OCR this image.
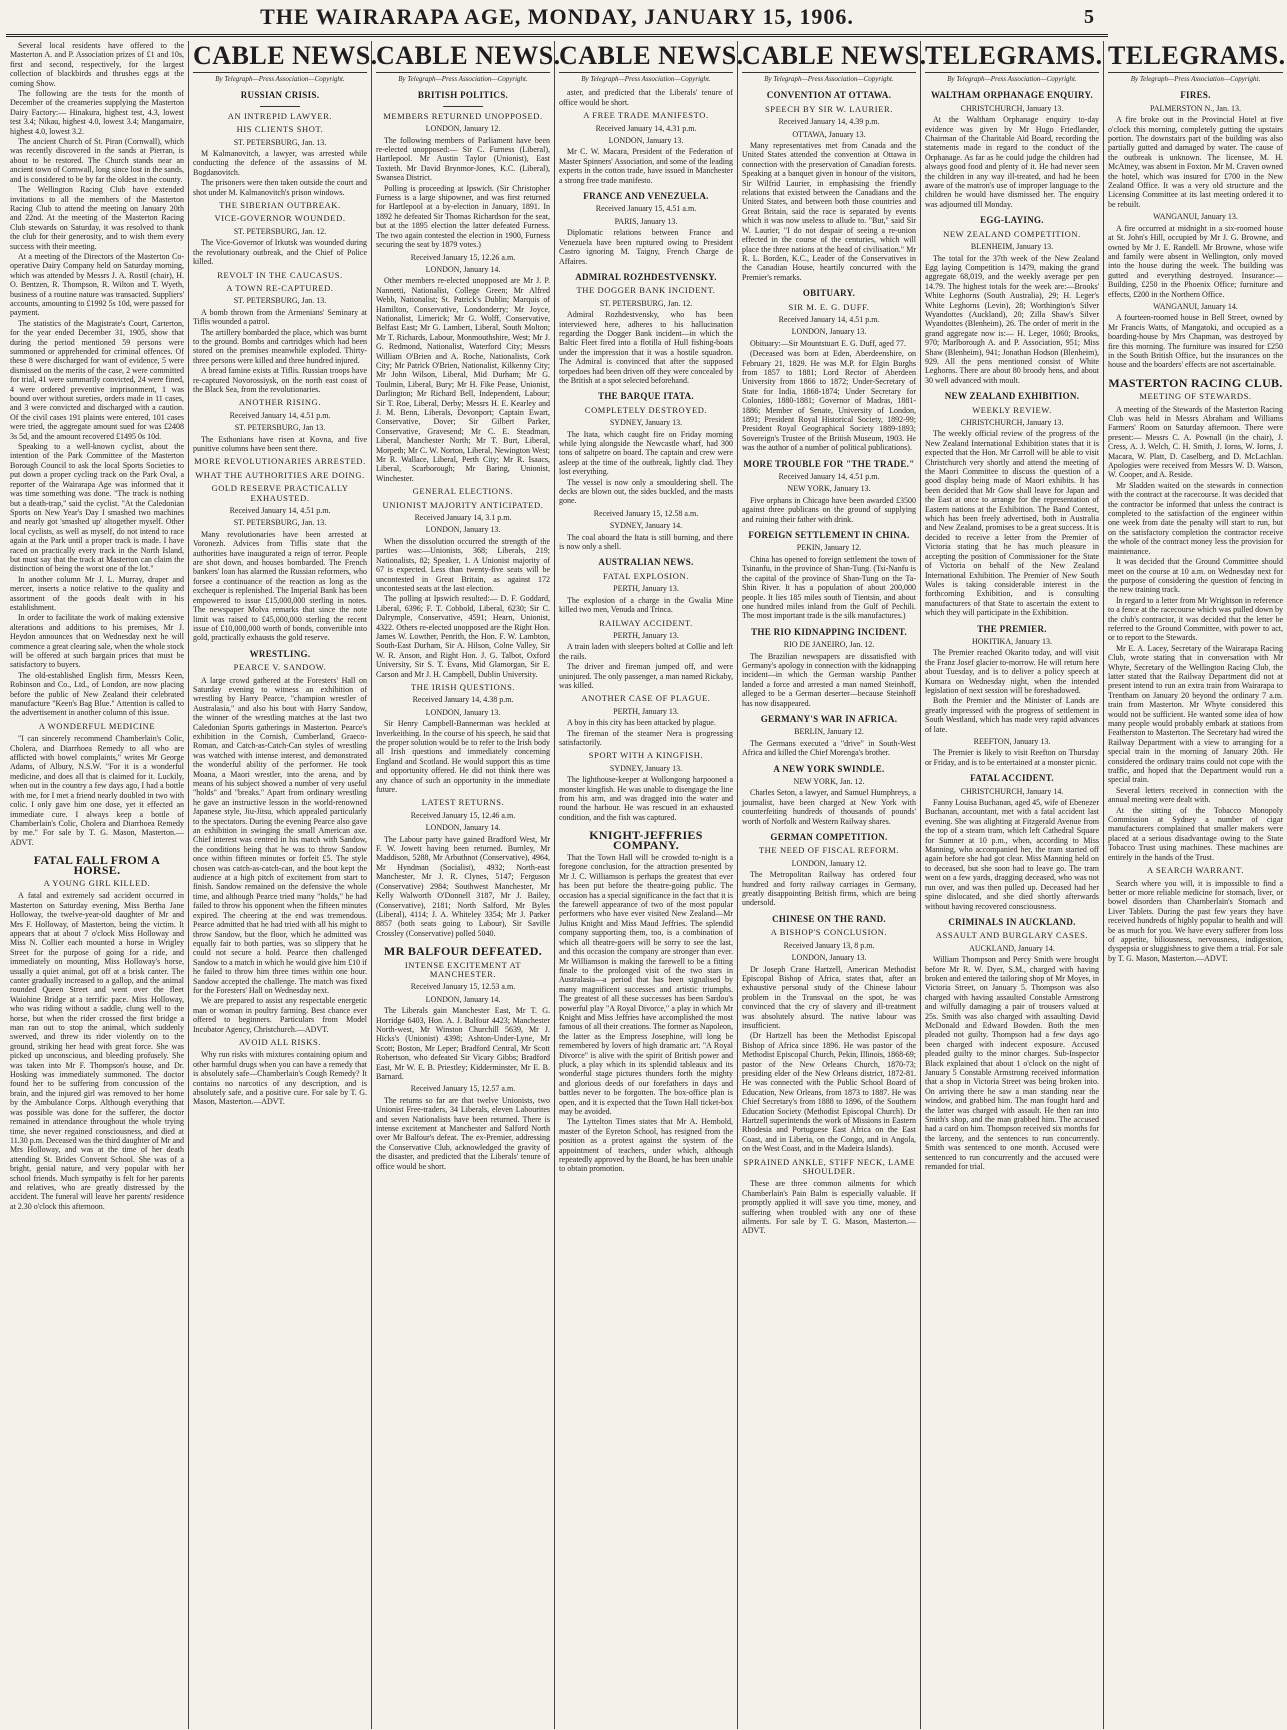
THE WAIRARAPA AGE, MONDAY, JANUARY 15, 1906.	5

Several local residents have offered to the Masterton A. and P. Association prizes of £1 and 10s, first and second, respectively, for the largest collection of blackbirds and thrushes eggs at the coming Show.

The following are the tests for the month of December of the creameries supplying the Masterton Dairy Factory:— Hinakura, highest test, 4.3, lowest test 3.4; Nikau, highest 4.0, lowest 3.4; Mangamaire, highest 4.0, lowest 3.2.

The ancient Church of St. Piran (Cornwall), which was recently discovered in the sands at Pierran, is about to be restored. The Church stands near an ancient town of Cornwall, long since lost in the sands, and is considered to be by far the oldest in the county.

The Wellington Racing Club have extended invitations to all the members of the Masterton Racing Club to attend the meeting on January 20th and 22nd. At the meeting of the Masterton Racing Club stewards on Saturday, it was resolved to thank the club for their generosity, and to wish them every success with their meeting.

At a meeting of the Directors of the Masterton Co-operative Dairy Company held on Saturday morning, which was attended by Messrs J. A. Rostil (chair), H. O. Bentzen, R. Thompson, R. Wilton and T. Wyeth, business of a routine nature was transacted. Suppliers' accounts, amounting to £1992 5s 10d, were passed for payment.

The statistics of the Magistrate's Court, Carterton, for the year ended December 31, 1905, show that during the period mentioned 59 persons were summoned or apprehended for criminal offences. Of these 8 were discharged for want of evidence, 5 were dismissed on the merits of the case, 2 were committed for trial, 41 were summarily convicted, 24 were fined, 4 were ordered preventive imprisonment, 1 was bound over without sureties, orders made in 11 cases, and 3 were convicted and discharged with a caution. Of the civil cases 191 plaints were entered, 101 cases were tried, the aggregate amount sued for was £2408 3s 5d, and the amount recovered £1495 0s 10d.

Speaking to a well-known cyclist, about the intention of the Park Committee of the Masterton Borough Council to ask the local Sports Societies to put down a proper cycling track on the Park Oval, a reporter of the Wairarapa Age was informed that it was time something was done. "The track is nothing but a death-trap," said the cyclist. "At the Caledonian Sports on New Year's Day I smashed two machines and nearly got 'smashed up' altogether myself. Other local cyclists, as well as myself, do not intend to race again at the Park until a proper track is made. I have raced on practically every track in the North Island, but must say that the track at Masterton can claim the distinction of being the worst one of the lot."

In another column Mr J. L. Murray, draper and mercer, inserts a notice relative to the quality and assortment of the goods dealt with in his establishment.

In order to facilitate the work of making extensive alterations and additions to his premises, Mr J. Heydon announces that on Wednesday next he will commence a great clearing sale, when the whole stock will be offered at such bargain prices that must be satisfactory to buyers.

The old-established English firm, Messrs Keen, Robinson and Co., Ltd., of London, are now placing before the public of New Zealand their celebrated manufacture "Keen's Bag Blue." Attention is called to the advertisement in another column of this issue.

A WONDERFUL MEDICINE

"I can sincerely recommend Chamberlain's Colic, Cholera, and Diarrhoea Remedy to all who are afflicted with bowel complaints," writes Mr George Adams, of Albury, N.S.W. "For it is a wonderful medicine, and does all that is claimed for it. Luckily, when out in the country a few days ago, I had a bottle with me, for I met a friend nearly doubled in two with colic. I only gave him one dose, yet it effected an immediate cure. I always keep a bottle of Chamberlain's Colic, Cholera and Diarrhoea Remedy by me." For sale by T. G. Mason, Masterton.—ADVT.

FATAL FALL FROM A HORSE.
A YOUNG GIRL KILLED.

A fatal and extremely sad accident occurred in Masterton on Saturday evening, Miss Bertha Jane Holloway, the twelve-year-old daughter of Mr and Mrs F. Holloway, of Masterton, being the victim. It appears that at about 7 o'clock Miss Holloway and Miss N. Collier each mounted a horse in Wrigley Street for the purpose of going for a ride, and immediately on mounting, Miss Holloway's horse, usually a quiet animal, got off at a brisk canter. The canter gradually increased to a gallop, and the animal rounded Queen Street and went over the fleet Waiohine Bridge at a terrific pace. Miss Holloway, who was riding without a saddle, clung well to the horse, but when the rider crossed the first bridge a man ran out to stop the animal, which suddenly swerved, and threw its rider violently on to the ground, striking her head with great force. She was picked up unconscious, and bleeding profusely. She was taken into Mr F. Thompson's house, and Dr. Hosking was immediately summoned. The doctor found her to be suffering from concussion of the brain, and the injured girl was removed to her home by the Ambulance Corps. Although everything that was possible was done for the sufferer, the doctor remained in attendance throughout the whole trying time, she never regained consciousness, and died at 11.30 p.m. Deceased was the third daughter of Mr and Mrs Holloway, and was at the time of her death attending St. Brides Convent School. She was of a bright, genial nature, and very popular with her school friends. Much sympathy is felt for her parents and relatives, who are greatly distressed by the accident. The funeral will leave her parents' residence at 2.30 o'clock this afternoon.

CABLE NEWS.
By Telegraph—Press Association—Copyright.
RUSSIAN CRISIS.
AN INTREPID LAWYER.
HIS CLIENTS SHOT.
ST. PETERSBURG, Jan. 13.

M Kalmanovitch, a lawyer, was arrested while conducting the defence of the assassins of M. Bogdanovitch.

The prisoners were then taken outside the court and shot under M. Kalmanovitch's prison windows.

THE SIBERIAN OUTBREAK.
VICE-GOVERNOR WOUNDED.
ST. PETERSBURG, Jan. 12.

The Vice-Governor of Irkutsk was wounded during the revolutionary outbreak, and the Chief of Police killed.

REVOLT IN THE CAUCASUS.
A TOWN RE-CAPTURED.
ST. PETERSBURG, Jan. 13.

A bomb thrown from the Armenians' Seminary at Tiflis wounded a patrol.

The artillery bombarded the place, which was burnt to the ground. Bombs and cartridges which had been stored on the premises meanwhile exploded. Thirty-three persons were killed and three hundred injured.

A bread famine exists at Tiflis. Russian troops have re-captured Novorossiysk, on the north east coast of the Black Sea, from the revolutionaries.

ANOTHER RISING.
Received January 14, 4.51 p.m.
ST. PETERSBURG, Jan 13.

The Esthonians have risen at Kovna, and five punitive columns have been sent there.

MORE REVOLUTIONARIES ARRESTED.
WHAT THE AUTHORITIES ARE DOING.
GOLD RESERVE PRACTICALLY EXHAUSTED.
Received January 14, 4.51 p.m.
ST. PETERSBURG, Jan. 13.

Many revolutionaries have been arrested at Voronezh. Advices from Tiflis state that the authorities have inaugurated a reign of terror. People are shot down, and houses bombarded. The French bankers' loan has alarmed the Russian reformers, who forsee a continuance of the reaction as long as the exchequer is replenished. The Imperial Bank has been empowered to issue £15,000,000 sterling in notes. The newspaper Molva remarks that since the note limit was raised to £45,000,000 sterling the recent issue of £10,000,000 worth of bonds, convertible into gold, practically exhausts the gold reserve.

WRESTLING.
PEARCE V. SANDOW.

A large crowd gathered at the Foresters' Hall on Saturday evening to witness an exhibition of wrestling by Harry Pearce, "champion wrestler of Australasia," and also his bout with Harry Sandow, the winner of the wrestling matches at the last two Caledonian Sports gatherings in Masterton. Pearce's exhibition in the Cornish, Cumberland, Graeco-Roman, and Catch-as-Catch-Can styles of wrestling was watched with intense interest, and demonstrated the wonderful ability of the performer. He took Moana, a Maori wrestler, into the arena, and by means of his subject showed a number of very useful "holds" and "breaks." Apart from ordinary wrestling he gave an instructive lesson in the world-renowned Japanese style, Jiu-Jitsu, which appealed particularly to the spectators. During the evening Pearce also gave an exhibition in swinging the small American axe. Chief interest was centred in his match with Sandow, the conditions being that he was to throw Sandow once within fifteen minutes or forfeit £5. The style chosen was catch-as-catch-can, and the bout kept the audience at a high pitch of excitement from start to finish. Sandow remained on the defensive the whole time, and although Pearce tried many "holds," he had failed to throw his opponent when the fifteen minutes expired. The cheering at the end was tremendous. Pearce admitted that he had tried with all his might to throw Sandow, but the floor, which he admitted was equally fair to both parties, was so slippery that he could not secure a hold. Pearce then challenged Sandow to a match in which he would give him £10 if he failed to throw him three times within one hour. Sandow accepted the challenge. The match was fixed for the Foresters' Hall on Wednesday next.

We are prepared to assist any respectable energetic man or woman in poultry farming. Best chance ever offered to beginners. Particulars from Model Incubator Agency, Christchurch.—ADVT.

AVOID ALL RISKS.

Why run risks with mixtures containing opium and other harmful drugs when you can have a remedy that is absolutely safe—Chamberlain's Cough Remedy? It contains no narcotics of any description, and is absolutely safe, and a positive cure. For sale by T. G. Mason, Masterton.—ADVT.

CABLE NEWS.
By Telegraph—Press Association—Copyright.
BRITISH POLITICS.
MEMBERS RETURNED UNOPPOSED.
LONDON, January 12.

The following members of Parliament have been re-elected unopposed:— Sir C. Furness (Liberal), Hartlepool. Mr Austin Taylor (Unionist), East Toxteth. Mr David Brynmor-Jones, K.C. (Liberal), Swansea District.

Polling is proceeding at Ipswich. (Sir Christopher Furness is a large shipowner, and was first returned for Hartlepool at a by-election in January, 1891. In 1892 he defeated Sir Thomas Richardson for the seat, but at the 1895 election the latter defeated Furness. The two again contested the election in 1900, Furness securing the seat by 1879 votes.)

Received January 15, 12.26 a.m.
LONDON, January 14.

Other members re-elected unopposed are Mr J. P. Nannetti, Nationalist, College Green; Mr Alfred Webb, Nationalist; St. Patrick's Dublin; Marquis of Hamilton, Conservative, Londonderry; Mr Joyce, Nationalist, Limerick; Mr G. Wolff, Conservative, Belfast East; Mr G. Lambert, Liberal, South Molton; Mr T. Richards, Labour, Monmouthshire, West; Mr J. G. Redmond, Nationalist, Waterford City; Messrs William O'Brien and A. Roche, Nationalists, Cork City; Mr Patrick O'Brien, Nationalist, Kilkenny City; Mr John Wilson, Liberal, Mid Durham; Mr G. Toulmin, Liberal, Bury; Mr H. Fike Pease, Unionist, Darlington; Mr Richard Bell, Independent, Labour; Sir T. Roe, Liberal, Derby; Messrs H. E. Kearley and J. M. Benn, Liberals, Devonport; Captain Ewart, Conservative, Dover; Sir Gilbert Parker, Conservative, Gravesend; Mr C. E. Steadman, Liberal, Manchester North; Mr T. Burt, Liberal, Morpeth; Mr C. W. Norton, Liberal, Newington West; Mr R. Wallace, Liberal, Perth City; Mr R. Isaacs, Liberal, Scarborough; Mr Baring, Unionist, Winchester.

GENERAL ELECTIONS.
UNIONIST MAJORITY ANTICIPATED.
Received January 14, 3.1 p.m.
LONDON, January 13.

When the dissolution occurred the strength of the parties was:—Unionists, 368; Liberals, 219; Nationalists, 82; Speaker, 1. A Unionist majority of 67 is expected. Less than twenty-five seats will be uncontested in Great Britain, as against 172 uncontested seats at the last election.

The polling at Ipswich resulted:— D. F. Goddard, Liberal, 6396; F. T. Cobbold, Liberal, 6230; Sir C. Dalrymple, Conservative, 4591; Hearn, Unionist, 4322. Others re-elected unopposed are the Right Hon. James W. Lowther, Penrith, the Hon. F. W. Lambton, South-East Durham, Sir A. Hilson, Colne Valley, Sir W. R. Anson, and Right Hon. J. G. Talbot, Oxford University, Sir S. T. Evans, Mid Glamorgan, Sir E. Carson and Mr J. H. Campbell, Dublin University.

THE IRISH QUESTIONS.
Received January 14, 4.38 p.m.
LONDON, January 13.

Sir Henry Campbell-Bannerman was heckled at Inverkeithing. In the course of his speech, he said that the proper solution would be to refer to the Irish body all Irish questions and immediately concerning England and Scotland. He would support this as time and opportunity offered. He did not think there was any chance of such an opportunity in the immediate future.

LATEST RETURNS.
Received January 15, 12.46 a.m.
LONDON, January 14.

The Labour party have gained Bradford West, Mr F. W. Jowett having been returned. Burnley, Mr Maddison, 5288, Mr Arbuthnot (Conservative), 4964, Mr Hyndman (Socialist), 4932; North-east Manchester, Mr J. R. Clynes, 5147; Ferguson (Conservative) 2984; Southwest Manchester, Mr Kelly Walworth O'Donnell 3187, Mr J. Bailey, (Conservative), 2181; North Salford, Mr Byles (Liberal), 4114; J. A. Whiteley 3354; Mr J. Parker 8857 (both seats going to Labour), Sir Saville Crossley (Conservative) polled 5040.

MR BALFOUR DEFEATED.
INTENSE EXCITEMENT AT MANCHESTER.
Received January 15, 12.53 a.m.
LONDON, January 14.

The Liberals gain Manchester East, Mr T. G. Horridge 6403, Hon. A. J. Balfour 4423; Manchester North-west, Mr Winston Churchill 5639, Mr J. Hicks's (Unionist) 4398; Ashton-Under-Lyne, Mr Scott; Boston, Mr Leper; Bradford Central, Mr Scott Robertson, who defeated Sir Vicary Gibbs; Bradford East, Mr W. E. B. Priestley; Kidderminster, Mr E. B. Barnard.

Received January 15, 12.57 a.m.

The returns so far are that twelve Unionists, two Unionist Free-traders, 34 Liberals, eleven Labourites and seven Nationalists have been returned. There is intense excitement at Manchester and Salford North over Mr Balfour's defeat. The ex-Premier, addressing the Conservative Club, acknowledged the gravity of the disaster, and predicted that the Liberals' tenure of office would be short.

CABLE NEWS.
By Telegraph—Press Association—Copyright.

aster, and predicted that the Liberals' tenure of office would be short.

A FREE TRADE MANIFESTO.
Received January 14, 4.31 p.m.
LONDON, January 13.

Mr C. W. Macara, President of the Federation of Master Spinners' Association, and some of the leading experts in the cotton trade, have issued in Manchester a strong free trade manifesto.

FRANCE AND VENEZUELA.
Received January 15, 4.51 a.m.
PARIS, January 13.

Diplomatic relations between France and Venezuela have been ruptured owing to President Castro ignoring M. Taigny, French Charge de Affaires.

ADMIRAL ROZHDESTVENSKY.
THE DOGGER BANK INCIDENT.
ST. PETERSBURG, Jan. 12.

Admiral Rozhdestvensky, who has been interviewed here, adheres to his hallucination regarding the Dogger Bank incident—in which the Baltic Fleet fired into a flotilla of Hull fishing-boats under the impression that it was a hostile squadron. The Admiral is convinced that after the supposed torpedoes had been driven off they were concealed by the British at a spot selected beforehand.

THE BARQUE ITATA.
COMPLETELY DESTROYED.
SYDNEY, January 13.

The Itata, which caught fire on Friday morning while lying alongside the Newcastle wharf, had 300 tons of saltpetre on board. The captain and crew were asleep at the time of the outbreak, lightly clad. They lost everything.

The vessel is now only a smouldering shell. The decks are blown out, the sides buckled, and the masts gone.

Received January 15, 12.58 a.m.
SYDNEY, January 14.

The coal aboard the Itata is still burning, and there is now only a shell.

AUSTRALIAN NEWS.
FATAL EXPLOSION.
PERTH, January 13.

The explosion of a charge in the Gwalia Mine killed two men, Venuda and Trinca.

RAILWAY ACCIDENT.
PERTH, January 13.

A train laden with sleepers bolted at Collie and left the rails.

The driver and fireman jumped off, and were uninjured. The only passenger, a man named Rickaby, was killed.

ANOTHER CASE OF PLAGUE.
PERTH, January 13.

A boy in this city has been attacked by plague.

The fireman of the steamer Nera is progressing satisfactorily.

SPORT WITH A KINGFISH.
SYDNEY, January 13.

The lighthouse-keeper at Wollongong harpooned a monster kingfish. He was unable to disengage the line from his arm, and was dragged into the water and round the harbour. He was rescued in an exhausted condition, and the fish was captured.

KNIGHT-JEFFRIES COMPANY.

That the Town Hall will be crowded to-night is a foregone conclusion, for the attraction presented by Mr J. C. Williamson is perhaps the greatest that ever has been put before the theatre-going public. The occasion has a special significance in the fact that it is the farewell appearance of two of the most popular performers who have ever visited New Zealand—Mr Julius Knight and Miss Maud Jeffries. The splendid company supporting them, too, is a combination of which all theatre-goers will be sorry to see the last, and this occasion the company are stronger than ever. Mr Williamson is making the farewell to be a fitting finale to the prolonged visit of the two stars in Australasia—a period that has been signalised by many magnificent successes and artistic triumphs. The greatest of all these successes has been Sardou's powerful play "A Royal Divorce," a play in which Mr Knight and Miss Jeffries have accomplished the most famous of all their creations. The former as Napoleon, the latter as the Empress Josephine, will long be remembered by lovers of high dramatic art. "A Royal Divorce" is alive with the spirit of British power and pluck, a play which in its splendid tableaux and its wonderful stage pictures thunders forth the mighty and glorious deeds of our forefathers in days and battles never to be forgotten. The box-office plan is open, and it is expected that the Town Hall ticket-box may be avoided.

The Lyttelton Times states that Mr A. Hembold, master of the Eyreton School, has resigned from the position as a protest against the system of the appointment of teachers, under which, although repeatedly approved by the Board, he has been unable to obtain promotion.

CABLE NEWS.
By Telegraph—Press Association—Copyright.
CONVENTION AT OTTAWA.
SPEECH BY SIR W. LAURIER.
Received January 14, 4.39 p.m.
OTTAWA, January 13.

Many representatives met from Canada and the United States attended the convention at Ottawa in connection with the preservation of Canadian forests. Speaking at a banquet given in honour of the visitors, Sir Wilfrid Laurier, in emphasising the friendly relations that existed between the Canadians and the United States, and between both those countries and Great Britain, said the race is separated by events which it was now useless to allude to. "But," said Sir W. Laurier, "I do not despair of seeing a re-union effected in the course of the centuries, which will place the three nations at the head of civilisation." Mr R. L. Borden, K.C., Leader of the Conservatives in the Canadian House, heartily concurred with the Premier's remarks.

OBITUARY.
SIR M. E. G. DUFF.
Received January 14, 4.51 p.m.
LONDON, January 13.

Obituary:—Sir Mountstuart E. G. Duff, aged 77.

(Deceased was born at Eden, Aberdeenshire, on February 21, 1829. He was M.P. for Elgin Burghs from 1857 to 1881; Lord Rector of Aberdeen University from 1866 to 1872; Under-Secretary of State for India, 1868-1874; Under Secretary for Colonies, 1880-1881; Governor of Madras, 1881-1886; Member of Senate, University of London, 1891; President Royal Historical Society, 1892-99; President Royal Geographical Society 1889-1893; Sovereign's Trustee of the British Museum, 1903. He was the author of a number of political publications).

MORE TROUBLE FOR "THE TRADE."
Received January 14, 4.51 p.m.
NEW YORK, January 13.

Five orphans in Chicago have been awarded £3500 against three publicans on the ground of supplying and ruining their father with drink.

FOREIGN SETTLEMENT IN CHINA.
PEKIN, January 12.

China has opened to foreign settlement the town of Tsinanfu, in the province of Shan-Tung. (Tsi-Nanfu is the capital of the province of Shan-Tung on the Ta-Shin River. It has a population of about 200,000 people. It lies 185 miles south of Tientsin, and about one hundred miles inland from the Gulf of Pechili. The most important trade is the silk manufactures.)

THE RIO KIDNAPPING INCIDENT.
RIO DE JANEIRO, Jan. 12.

The Brazilian newspapers are dissatisfied with Germany's apology in connection with the kidnapping incident—in which the German warship Panther landed a force and arrested a man named Steinhoff, alleged to be a German deserter—because Steinhoff has now disappeared.

GERMANY'S WAR IN AFRICA.
BERLIN, January 12.

The Germans executed a "drive" in South-West Africa and killed the Chief Morenga's brother.

A NEW YORK SWINDLE.
NEW YORK, Jan. 12.

Charles Seton, a lawyer, and Samuel Humphreys, a journalist, have been charged at New York with counterfeiting hundreds of thousands of pounds' worth of Norfolk and Western Railway shares.

GERMAN COMPETITION.
THE NEED OF FISCAL REFORM.
LONDON, January 12.

The Metropolitan Railway has ordered four hundred and forty railway carriages in Germany, greatly disappointing British firms, which are being undersold.

CHINESE ON THE RAND.
A BISHOP'S CONCLUSION.
Received January 13, 8 p.m.
LONDON, January 13.

Dr Joseph Crane Hartzell, American Methodist Episcopal Bishop of Africa, states that, after an exhaustive personal study of the Chinese labour problem in the Transvaal on the spot, he was convinced that the cry of slavery and ill-treatment was absolutely absurd. The native labour was insufficient.

(Dr Hartzell has been the Methodist Episcopal Bishop of Africa since 1896. He was pastor of the Methodist Episcopal Church, Pekin, Illinois, 1868-69; pastor of the New Orleans Church, 1870-73; presiding elder of the New Orleans district, 1872-81. He was connected with the Public School Board of Education, New Orleans, from 1873 to 1887. He was Chief Secretary's from 1888 to 1896, of the Southern Education Society (Methodist Episcopal Church). Dr Hartzell superintends the work of Missions in Eastern Rhodesia and Portuguese East Africa on the East Coast, and in Liberia, on the Congo, and in Angola, on the West Coast, and in the Madeira Islands).

SPRAINED ANKLE, STIFF NECK, LAME SHOULDER.

These are three common ailments for which Chamberlain's Pain Balm is especially valuable. If promptly applied it will save you time, money, and suffering when troubled with any one of these ailments. For sale by T. G. Mason, Masterton.—ADVT.

TELEGRAMS.
By Telegraph—Press Association—Copyright.
WALTHAM ORPHANAGE ENQUIRY.
CHRISTCHURCH, January 13.

At the Waltham Orphanage enquiry to-day evidence was given by Mr Hugo Friedlander, Chairman of the Charitable Aid Board, recording the statements made in regard to the conduct of the Orphanage. As far as he could judge the children had always good food and plenty of it. He had never seen the children in any way ill-treated, and had he been aware of the matron's use of improper language to the children he would have dismissed her. The enquiry was adjourned till Monday.

EGG-LAYING.
NEW ZEALAND COMPETITION.
BLENHEIM, January 13.

The total for the 37th week of the New Zealand Egg laying Competition is 1479, making the grand aggregate 68,019, and the weekly average per pen 14.79. The highest totals for the week are:—Brooks' White Leghorns (South Australia), 29; H. Leger's White Leghorns (Levin), 28; Worthington's Silver Wyandottes (Auckland), 20; Zilla Shaw's Silver Wyandottes (Blenheim), 26. The order of merit in the grand aggregate now is:— H. Leger, 1060; Brooks, 970; Marlborough A. and P. Association, 951; Miss Shaw (Blenheim), 941; Jonathan Hodson (Blenheim), 929. All the pens mentioned consist of White Leghorns. There are about 80 broody hens, and about 30 well advanced with moult.

NEW ZEALAND EXHIBITION.
WEEKLY REVIEW.
CHRISTCHURCH, January 13.

The weekly official review of the progress of the New Zealand International Exhibition states that it is expected that the Hon. Mr Carroll will be able to visit Christchurch very shortly and attend the meeting of the Maori Committee to discuss the question of a good display being made of Maori exhibits. It has been decided that Mr Gow shall leave for Japan and the East at once to arrange for the representation of Eastern nations at the Exhibition. The Band Contest, which has been freely advertised, both in Australia and New Zealand, promises to be a great success. It is decided to receive a letter from the Premier of Victoria stating that he has much pleasure in accepting the position of Commissioner for the State of Victoria on behalf of the New Zealand International Exhibition. The Premier of New South Wales is taking considerable interest in the forthcoming Exhibition, and is consulting manufacturers of that State to ascertain the extent to which they will participate in the Exhibition.

THE PREMIER.
HOKITIKA, January 13.

The Premier reached Okarito today, and will visit the Franz Josef glacier to-morrow. He will return here about Tuesday, and is to deliver a policy speech at Kumara on Wednesday night, when the intended legislation of next session will be foreshadowed.

Both the Premier and the Minister of Lands are greatly impressed with the progress of settlement in South Westland, which has made very rapid advances of late.

REEFTON, January 13.

The Premier is likely to visit Reefton on Thursday or Friday, and is to be entertained at a monster picnic.

FATAL ACCIDENT.
CHRISTCHURCH, January 14.

Fanny Louisa Buchanan, aged 45, wife of Ebenezer Buchanan, accountant, met with a fatal accident last evening. She was alighting at Fitzgerald Avenue from the top of a steam tram, which left Cathedral Square for Sumner at 10 p.m., when, according to Miss Manning, who accompanied her, the tram started off again before she had got clear. Miss Manning held on to deceased, but she soon had to leave go. The tram went on a few yards, dragging deceased, who was not run over, and was then pulled up. Deceased had her spine dislocated, and she died shortly afterwards without having recovered consciousness.

CRIMINALS IN AUCKLAND.
ASSAULT AND BURGLARY CASES.
AUCKLAND, January 14.

William Thompson and Percy Smith were brought before Mr R. W. Dyer, S.M., charged with having broken and entered the tailoring shop of Mr Moyes, in Victoria Street, on January 5. Thompson was also charged with having assaulted Constable Armstrong and wilfully damaging a pair of trousers valued at 25s. Smith was also charged with assaulting David McDonald and Edward Bowden. Both the men pleaded not guilty. Thompson had a few days ago been charged with indecent exposure. Accused pleaded guilty to the minor charges. Sub-Inspector Black explained that about 1 o'clock on the night of January 5 Constable Armstrong received information that a shop in Victoria Street was being broken into. On arriving there he saw a man standing near the window, and grabbed him. The man fought hard and the latter was charged with assault. He then ran into Smith's shop, and the man grabbed him. The accused had a card on him. Thompson received six months for the larceny, and the sentences to run concurrently. Smith was sentenced to one month. Accused were sentenced to run concurrently and the accused were remanded for trial.

TELEGRAMS.
By Telegraph—Press Association—Copyright.
FIRES.
PALMERSTON N., Jan. 13.

A fire broke out in the Provincial Hotel at five o'clock this morning, completely gutting the upstairs portion. The downstairs part of the building was also partially gutted and damaged by water. The cause of the outbreak is unknown. The licensee, M. H. McAtney, was absent in Foxton. Mr M. Craven owned the hotel, which was insured for £700 in the New Zealand Office. It was a very old structure and the Licensing Committee at its last meeting ordered it to be rebuilt.

WANGANUI, January 13.

A fire occurred at midnight in a six-roomed house at St. John's Hill, occupied by Mr J. G. Browne, and owned by Mr J. E. Randell. Mr Browne, whose wife and family were absent in Wellington, only moved into the house during the week. The building was gutted and everything destroyed. Insurance:—Building, £250 in the Phoenix Office; furniture and effects, £200 in the Northern Office.

WANGANUI, January 14.

A fourteen-roomed house in Bell Street, owned by Mr Francis Watts, of Mangatoki, and occupied as a boarding-house by Mrs Chapman, was destroyed by fire this morning. The furniture was insured for £250 in the South British Office, but the insurances on the house and the boarders' effects are not ascertainable.

MASTERTON RACING CLUB.
MEETING OF STEWARDS.

A meeting of the Stewards of the Masterton Racing Club was held in Messrs Abraham and Williams Farmers' Room on Saturday afternoon. There were present:— Messrs C. A. Pownall (in the chair), J. Cress, A. J. Welch, C. H. Smith, J. Iorns, W. Iorns, J. Macara, W. Platt, D. Caselberg, and D. McLachlan. Apologies were received from Messrs W. D. Watson, W. Cooper, and A. Reside.

Mr Sladden waited on the stewards in connection with the contract at the racecourse. It was decided that the contractor be informed that unless the contract is completed to the satisfaction of the engineer within one week from date the penalty will start to run, but on the satisfactory completion the contractor receive the whole of the contract money less the provision for maintenance.

It was decided that the Ground Committee should meet on the course at 10 a.m. on Wednesday next for the purpose of considering the question of fencing in the new training track.

In regard to a letter from Mr Wrightson in reference to a fence at the racecourse which was pulled down by the club's contractor, it was decided that the letter be referred to the Ground Committee, with power to act, or to report to the Stewards.

Mr E. A. Lacey, Secretary of the Wairarapa Racing Club, wrote stating that in conversation with Mr Whyte, Secretary of the Wellington Racing Club, the latter stated that the Railway Department did not at present intend to run an extra train from Wairarapa to Trentham on January 20 beyond the ordinary 7 a.m. train from Masterton. Mr Whyte considered this would not be sufficient. He wanted some idea of how many people would probably embark at stations from Featherston to Masterton. The Secretary had wired the Railway Department with a view to arranging for a special train in the morning of January 20th. He considered the ordinary trains could not cope with the traffic, and hoped that the Department would run a special train.

Several letters received in connection with the annual meeting were dealt with.

At the sitting of the Tobacco Monopoly Commission at Sydney a number of cigar manufacturers complained that smaller makers were placed at a serious disadvantage owing to the State Tobacco Trust using machines. These machines are entirely in the hands of the Trust.

A SEARCH WARRANT.

Search where you will, it is impossible to find a better or more reliable medicine for stomach, liver, or bowel disorders than Chamberlain's Stomach and Liver Tablets. During the past few years they have received hundreds of highly popular to health and will be as much for you. We have every sufferer from loss of appetite, biliousness, nervousness, indigestion, dyspepsia or sluggishness to give them a trial. For sale by T. G. Mason, Masterton.—ADVT.
